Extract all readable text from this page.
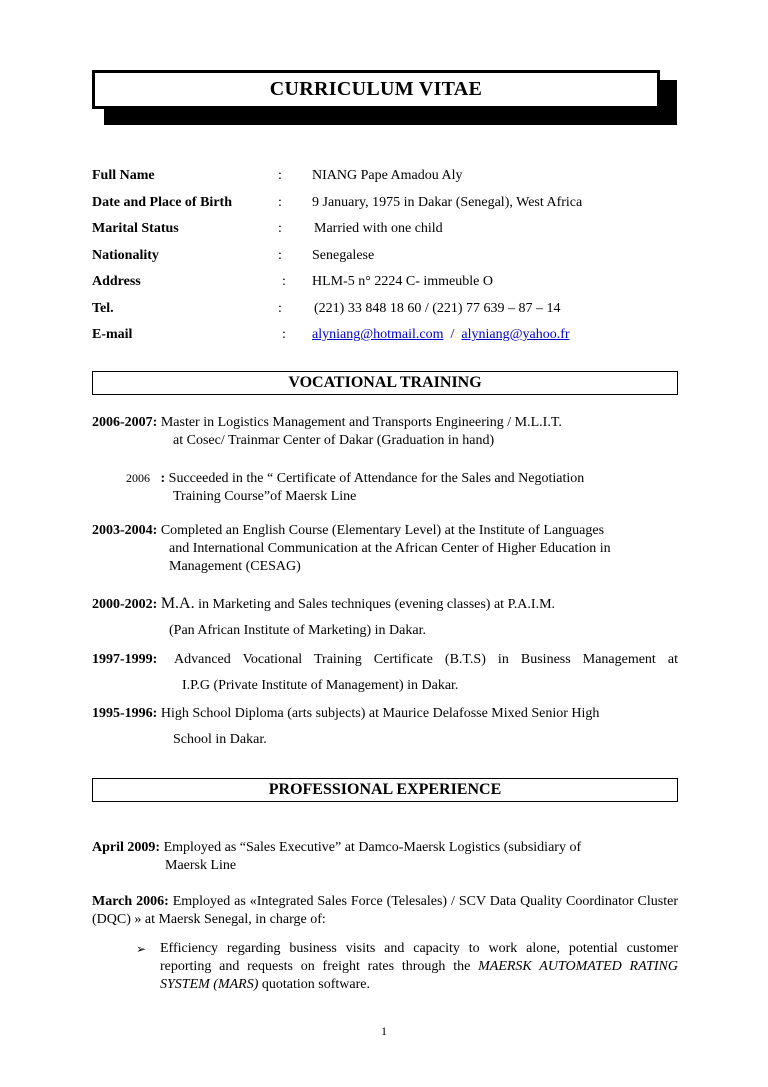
CURRICULUM VITAE
Full Name	: NIANG Pape Amadou Aly
Date and Place of Birth	: 9 January, 1975 in Dakar (Senegal), West Africa
Marital Status	: Married with one child
Nationality	: Senegalese
Address	: HLM-5 n° 2224 C- immeuble O
Tel.	: (221) 33 848 18 60 / (221) 77 639 – 87 – 14
E-mail	: alyniang@hotmail.com / alyniang@yahoo.fr
VOCATIONAL TRAINING
2006-2007: Master in Logistics Management and Transports Engineering / M.L.I.T.
at Cosec/ Trainmar Center of Dakar (Graduation in hand)
2006 : Succeeded in the “ Certificate of Attendance for the Sales and Negotiation
Training Course”of Maersk Line
2003-2004: Completed an English Course (Elementary Level) at the Institute of Languages
and International Communication at the African Center of Higher Education in
Management (CESAG)
2000-2002: M.A. in Marketing and Sales techniques (evening classes) at P.A.I.M.
(Pan African Institute of Marketing) in Dakar.
1997-1999: Advanced Vocational Training Certificate (B.T.S) in Business Management at
I.P.G (Private Institute of Management) in Dakar.
1995-1996: High School Diploma (arts subjects) at Maurice Delafosse Mixed Senior High
School in Dakar.
PROFESSIONAL EXPERIENCE
April 2009: Employed as “Sales Executive” at Damco-Maersk Logistics (subsidiary of
Maersk Line
March 2006: Employed as «Integrated Sales Force (Telesales) / SCV Data Quality Coordinator Cluster (DQC) » at Maersk Senegal, in charge of:
➢ Efficiency regarding business visits and capacity to work alone, potential customer reporting and requests on freight rates through the MAERSK AUTOMATED RATING SYSTEM (MARS) quotation software.
1
